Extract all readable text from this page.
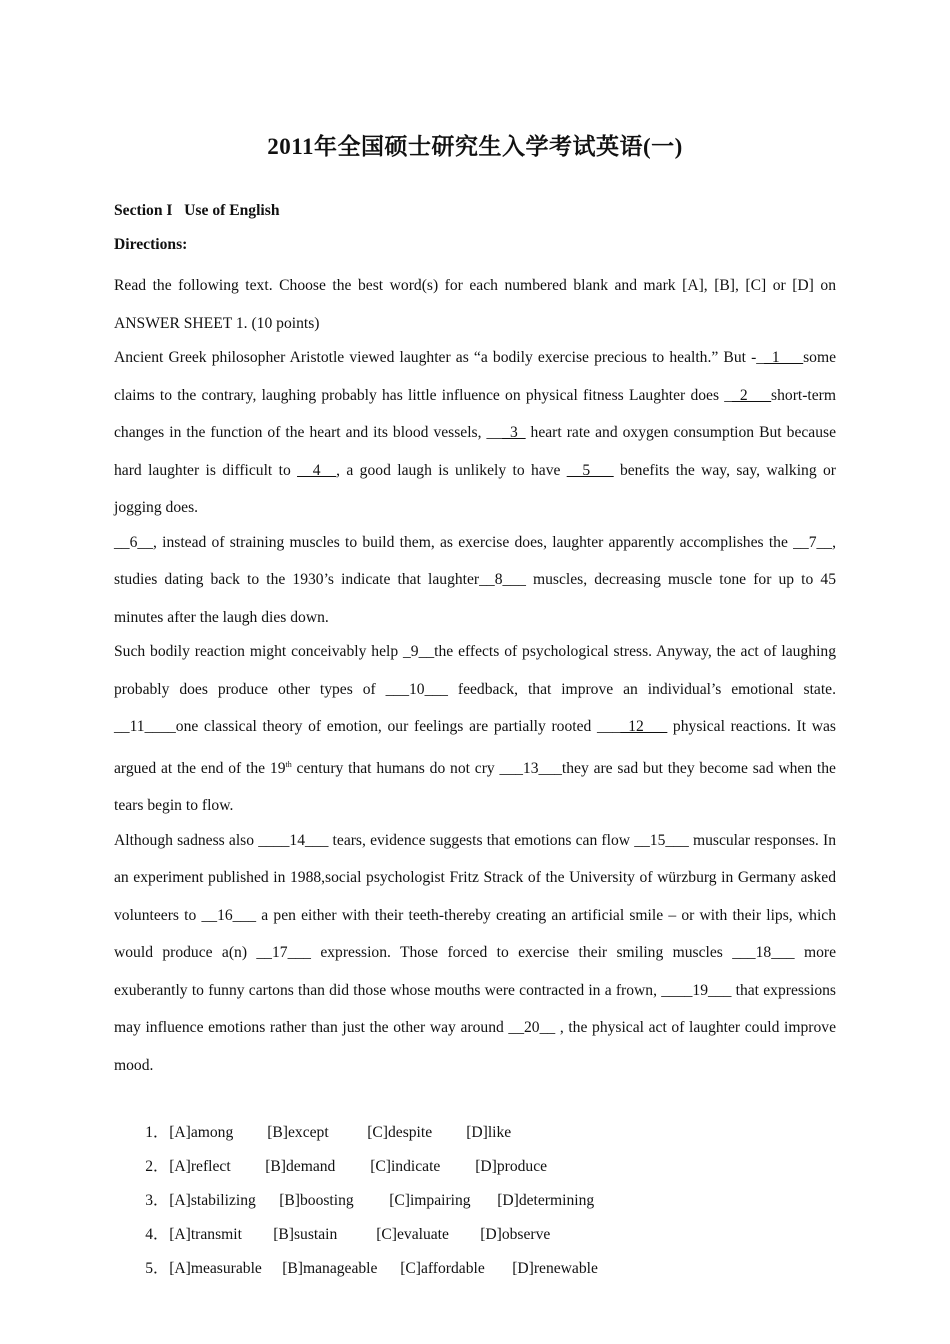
2011年全国硕士研究生入学考试英语(一)
Section I   Use of English
Directions:
Read the following text. Choose the best word(s) for each numbered blank and mark [A], [B], [C] or [D] on ANSWER SHEET 1. (10 points)
Ancient Greek philosopher Aristotle viewed laughter as “a bodily exercise precious to health.” But -__1___some claims to the contrary, laughing probably has little influence on physical fitness Laughter does __2___short-term changes in the function of the heart and its blood vessels, ___3_ heart rate and oxygen consumption But because hard laughter is difficult to __4__, a good laugh is unlikely to have __5___ benefits the way, say, walking or jogging does.
__6__, instead of straining muscles to build them, as exercise does, laughter apparently accomplishes the __7__, studies dating back to the 1930’s indicate that laughter__8___ muscles, decreasing muscle tone for up to 45 minutes after the laugh dies down.
Such bodily reaction might conceivably help _9__the effects of psychological stress. Anyway, the act of laughing probably does produce other types of ___10___ feedback, that improve an individual’s emotional state. __11____one classical theory of emotion, our feelings are partially rooted ____12___ physical reactions. It was argued at the end of the 19th century that humans do not cry ___13___they are sad but they become sad when the tears begin to flow.
Although sadness also ____14___ tears, evidence suggests that emotions can flow __15___ muscular responses. In an experiment published in 1988,social psychologist Fritz Strack of the University of würzburg in Germany asked volunteers to __16___ a pen either with their teeth-thereby creating an artificial smile – or with their lips, which would produce a(n) __17___ expression. Those forced to exercise their smiling muscles ___18___ more exuberantly to funny cartons than did those whose mouths were contracted in a frown, ____19___ that expressions may influence emotions rather than just the other way around __20__ , the physical act of laughter could improve mood.

1．[A]among [B]except [C]despite [D]like

2．[A]reflect [B]demand [C]indicate [D]produce

3．[A]stabilizing [B]boosting [C]impairing [D]determining

4．[A]transmit [B]sustain [C]evaluate [D]observe

5．[A]measurable [B]manageable [C]affordable [D]renewable
